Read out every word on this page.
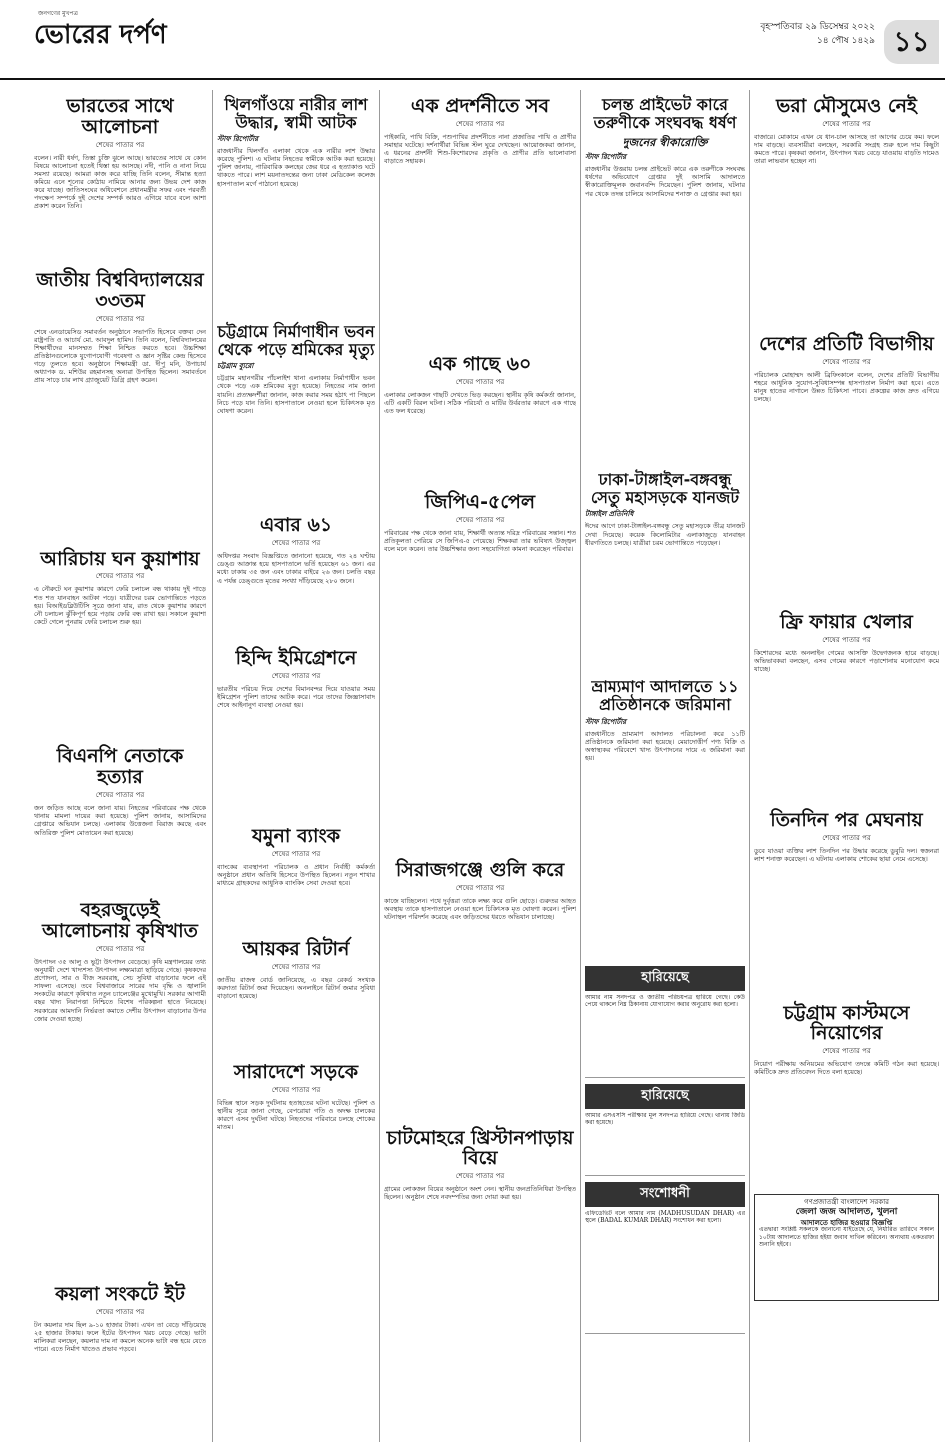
জনগণের মুখপত্র
ভোরের দর্পণ	বৃহস্পতিবার ২৯ ডিসেম্বর ২০২২
১৪ পৌষ ১৪২৯ ১১
ভারতের সাথে আলোচনা
শেষের পাতার পর
বলেন। নারী ধর্ষণ, তিস্তা চুক্তি ঝুলে আছে। ভারতের সাথে যে কোন বিষয়ে আলোচনা হতেই থিস্তা হয় আসছে। নদী, পানি ও নানা নিয়ে সমস্যা রয়েছে। আমরা কাজ করে যাচ্ছি তিনি বলেন, সীমান্ত হত্যা কমিয়ে এনে শূন্যের কোঠায় নামিয়ে আনার জন্য উভয় দেশ কাজ করে যাচ্ছে। জাতিসংঘের অধিবেশনে প্রধানমন্ত্রীর সফর এবং পরবর্তী পদক্ষেপ সম্পর্কে দুই দেশের সম্পর্ক আরও এগিয়ে যাবে বলে আশা প্রকাশ করেন তিনি।
জাতীয় বিশ্ববিদ্যালয়ের ৩৩তম
শেষের পাতার পর
শেষে এনডায়েসিড সমাবর্তন অনুষ্ঠানে সভাপতি হিসেবে বক্তব্য দেন রাষ্ট্রপতি ও আচার্য মো. আবদুল হামিদ। তিনি বলেন, বিশ্ববিদ্যালয়ের শিক্ষার্থীদের মানসম্মত শিক্ষা নিশ্চিত করতে হবে। উচ্চশিক্ষা প্রতিষ্ঠানগুলোকে যুগোপযোগী গবেষণা ও জ্ঞান সৃষ্টির কেন্দ্র হিসেবে গড়ে তুলতে হবে। অনুষ্ঠানে শিক্ষামন্ত্রী ডা. দীপু মনি, উপাচার্য অধ্যাপক ড. মশিউর রহমানসহ অন্যরা উপস্থিত ছিলেন। সমাবর্তনে প্রায় সাড়ে চার লাখ গ্র্যাজুয়েট ডিগ্রি গ্রহণ করেন।
আরিচায় ঘন কুয়াশায়
শেষের পাতার পর
এ নৌরুটে ঘন কুয়াশার কারণে ফেরি চলাচল বন্ধ থাকায় দুই পাড়ে শত শত যানবাহন আটকা পড়ে। যাত্রীদের চরম ভোগান্তিতে পড়তে হয়। বিআইডব্লিউটিসি সূত্রে জানা যায়, রাত থেকে কুয়াশার কারণে নৌ চলাচল ঝুঁকিপূর্ণ হয়ে পড়ায় ফেরি বন্ধ রাখা হয়। সকালে কুয়াশা কেটে গেলে পুনরায় ফেরি চলাচল শুরু হয়।
বিএনপি নেতাকে হত্যার
শেষের পাতার পর
জন জড়িত আছে বলে জানা যায়। নিহতের পরিবারের পক্ষ থেকে থানায় মামলা দায়ের করা হয়েছে। পুলিশ জানায়, আসামিদের গ্রেপ্তারে অভিযান চলছে। এলাকায় উত্তেজনা বিরাজ করছে এবং অতিরিক্ত পুলিশ মোতায়েন করা হয়েছে।
বহরজুড়েই আলোচনায় কৃষিখাত
শেষের পাতার পর
উৎপাদন ৩৫ আলু ও ভুট্টা উৎপাদন বেড়েছে। কৃষি মন্ত্রণালয়ের তথ্য অনুযায়ী দেশে খাদ্যশস্য উৎপাদন লক্ষ্যমাত্রা ছাড়িয়ে গেছে। কৃষকদের প্রণোদনা, সার ও বীজ সরবরাহ, সেচ সুবিধা বাড়ানোর ফলে এই সাফল্য এসেছে। তবে বিশ্ববাজারে সারের দাম বৃদ্ধি ও জ্বালানি সংকটের কারণে কৃষিখাত নতুন চ্যালেঞ্জের মুখোমুখি। সরকার আগামী বছর খাদ্য নিরাপত্তা নিশ্চিতে বিশেষ পরিকল্পনা হাতে নিয়েছে। সরকারের আমদানি নির্ভরতা কমাতে দেশীয় উৎপাদন বাড়ানোর উপর জোর দেওয়া হচ্ছে।
কয়লা সংকটে ইট
শেষের পাতার পর
টন কয়লার দাম ছিল ৯-১০ হাজার টাকা। এখন তা বেড়ে দাঁড়িয়েছে ২৫ হাজার টাকায়। ফলে ইটের উৎপাদন খরচ বেড়ে গেছে। ভাটা মালিকরা বলছেন, কয়লার দাম না কমলে অনেক ভাটা বন্ধ হয়ে যেতে পারে। এতে নির্মাণ খাতেও প্রভাব পড়বে।
খিলগাঁওয়ে নারীর লাশ উদ্ধার, স্বামী আটক
স্টাফ রিপোর্টার
রাজধানীর খিলগাঁও এলাকা থেকে এক নারীর লাশ উদ্ধার করেছে পুলিশ। এ ঘটনায় নিহতের স্বামীকে আটক করা হয়েছে। পুলিশ জানায়, পারিবারিক কলহের জের ধরে এ হত্যাকাণ্ড ঘটে থাকতে পারে। লাশ ময়নাতদন্তের জন্য ঢাকা মেডিকেল কলেজ হাসপাতাল মর্গে পাঠানো হয়েছে।
চট্টগ্রামে নির্মাণাধীন ভবন থেকে পড়ে শ্রমিকের মৃত্যু
চট্টগ্রাম ব্যুরো
চট্টগ্রাম মহানগরীর পাঁচলাইশ থানা এলাকায় নির্মাণাধীন ভবন থেকে পড়ে এক শ্রমিকের মৃত্যু হয়েছে। নিহতের নাম জানা যায়নি। প্রত্যক্ষদর্শীরা জানান, কাজ করার সময় হঠাৎ পা পিছলে নিচে পড়ে যান তিনি। হাসপাতালে নেওয়া হলে চিকিৎসক মৃত ঘোষণা করেন।
এবার ৬১
শেষের পাতার পর
অধিদপ্তর সংবাদ বিজ্ঞপ্তিতে জানানো হয়েছে, গত ২৪ ঘণ্টায় ডেঙ্গু আক্রান্ত হয়ে হাসপাতালে ভর্তি হয়েছেন ৬১ জন। এর মধ্যে ঢাকায় ৩৫ জন এবং ঢাকার বাইরে ২৬ জন। চলতি বছর এ পর্যন্ত ডেঙ্গুতে মৃতের সংখ্যা দাঁড়িয়েছে ২৮০ জনে।
হিন্দি ইমিগ্রেশনে
শেষের পাতার পর
ভারতীয় পরিচয় দিয়ে দেশের বিমানবন্দর দিয়ে যাওয়ার সময় ইমিগ্রেশন পুলিশ তাদের আটক করে। পরে তাদের জিজ্ঞাসাবাদ শেষে আইনানুগ ব্যবস্থা নেওয়া হয়।
যমুনা ব্যাংক
শেষের পাতার পর
ব্যাংকের ব্যবস্থাপনা পরিচালক ও প্রধান নির্বাহী কর্মকর্তা অনুষ্ঠানে প্রধান অতিথি হিসেবে উপস্থিত ছিলেন। নতুন শাখার মাধ্যমে গ্রাহকদের আধুনিক ব্যাংকিং সেবা দেওয়া হবে।
আয়কর রিটার্ন
শেষের পাতার পর
জাতীয় রাজস্ব বোর্ড জানিয়েছে, এ বছর রেকর্ড সংখ্যক করদাতা রিটার্ন জমা দিয়েছেন। অনলাইনে রিটার্ন জমার সুবিধা বাড়ানো হয়েছে।
সারাদেশে সড়কে
শেষের পাতার পর
বিভিন্ন স্থানে সড়ক দুর্ঘটনায় হতাহতের ঘটনা ঘটেছে। পুলিশ ও স্থানীয় সূত্রে জানা গেছে, বেপরোয়া গতি ও অদক্ষ চালকের কারণে এসব দুর্ঘটনা ঘটছে। নিহতদের পরিবারে চলছে শোকের মাতম।
এক প্রদর্শনীতে সব
শেষের পাতার পর
পাইকারি, পাখি বিক্রি, পশুপাখির প্রদর্শনীতে নানা প্রজাতির পাখি ও প্রাণীর সমাহার ঘটেছে। দর্শনার্থীরা বিভিন্ন স্টল ঘুরে দেখছেন। আয়োজকরা জানান, এ ধরনের প্রদর্শনী শিশু-কিশোরদের প্রকৃতি ও প্রাণীর প্রতি ভালোবাসা বাড়াতে সহায়ক।
এক গাছে ৬০
শেষের পাতার পর
এলাকার লোকজন গাছটি দেখতে ভিড় করছেন। স্থানীয় কৃষি কর্মকর্তা জানান, এটি একটি বিরল ঘটনা। সঠিক পরিচর্যা ও মাটির উর্বরতার কারণে এক গাছে এত ফল ধরেছে।
জিপিএ-৫পেল
শেষের পাতার পর
পরিবারের পক্ষ থেকে জানা যায়, শিক্ষার্থী অত্যন্ত দরিদ্র পরিবারের সন্তান। শত প্রতিকূলতা পেরিয়ে সে জিপিএ-৫ পেয়েছে। শিক্ষকরা তার ভবিষ্যৎ উজ্জ্বল বলে মনে করেন। তার উচ্চশিক্ষার জন্য সহযোগিতা কামনা করেছেন পরিবার।
সিরাজগঞ্জে গুলি করে
শেষের পাতার পর
কাজে যাচ্ছিলেন। পথে দুর্বৃত্তরা তাকে লক্ষ্য করে গুলি ছোড়ে। গুরুতর আহত অবস্থায় তাকে হাসপাতালে নেওয়া হলে চিকিৎসক মৃত ঘোষণা করেন। পুলিশ ঘটনাস্থল পরিদর্শন করেছে এবং জড়িতদের ধরতে অভিযান চালাচ্ছে।
চাটমোহরে খ্রিস্টানপাড়ায় বিয়ে
শেষের পাতার পর
গ্রামের লোকজন বিয়ের অনুষ্ঠানে অংশ নেন। স্থানীয় জনপ্রতিনিধিরা উপস্থিত ছিলেন। অনুষ্ঠান শেষে নবদম্পতির জন্য দোয়া করা হয়।
চলন্ত প্রাইভেট কারে তরুণীকে সংঘবদ্ধ ধর্ষণ
দুজনের স্বীকারোক্তি
স্টাফ রিপোর্টার
রাজধানীর উত্তরায় চলন্ত প্রাইভেট কারে এক তরুণীকে সংঘবদ্ধ ধর্ষণের অভিযোগে গ্রেপ্তার দুই আসামি আদালতে স্বীকারোক্তিমূলক জবানবন্দি দিয়েছেন। পুলিশ জানায়, ঘটনার পর থেকে তদন্ত চালিয়ে আসামিদের শনাক্ত ও গ্রেপ্তার করা হয়।
ঢাকা-টাঙ্গাইল-বঙ্গবন্ধু সেতু মহাসড়কে যানজট
টাঙ্গাইল প্রতিনিধি
ঈদের আগে ঢাকা-টাঙ্গাইল-বঙ্গবন্ধু সেতু মহাসড়কে তীব্র যানজট দেখা দিয়েছে। কয়েক কিলোমিটার এলাকাজুড়ে যানবাহন ধীরগতিতে চলছে। যাত্রীরা চরম ভোগান্তিতে পড়েছেন।
ভ্রাম্যমাণ আদালতে ১১ প্রতিষ্ঠানকে জরিমানা
স্টাফ রিপোর্টার
রাজধানীতে ভ্রাম্যমাণ আদালত পরিচালনা করে ১১টি প্রতিষ্ঠানকে জরিমানা করা হয়েছে। মেয়াদোত্তীর্ণ পণ্য বিক্রি ও অস্বাস্থ্যকর পরিবেশে খাদ্য উৎপাদনের দায়ে এ জরিমানা করা হয়।
হারিয়েছে
আমার নাম সনদপত্র ও জাতীয় পরিচয়পত্র হারিয়ে গেছে। কেউ পেয়ে থাকলে নিম্ন ঠিকানায় যোগাযোগ করার অনুরোধ করা হলো।
হারিয়েছে
আমার এসএসসি পরীক্ষার মূল সনদপত্র হারিয়ে গেছে। থানায় জিডি করা হয়েছে।
সংশোধনী
এফিডেভিট বলে আমার নাম (MADHUSUDAN DHAR) এর স্থলে (BADAL KUMAR DHAR) সংশোধন করা হলো।
ভরা মৌসুমেও নেই
শেষের পাতার পর
বাজারে। মোকামে এখন যে ধান-চাল আসছে তা আগের চেয়ে কম। ফলে দাম বাড়ছে। ব্যবসায়ীরা বলছেন, সরকারি সংগ্রহ শুরু হলে দাম কিছুটা কমতে পারে। কৃষকরা জানান, উৎপাদন খরচ বেড়ে যাওয়ায় বাড়তি দামেও তারা লাভবান হচ্ছেন না।
দেশের প্রতিটি বিভাগীয়
শেষের পাতার পর
পরিচালক মোহাম্মদ আলী ব্রিফিংকালে বলেন, দেশের প্রতিটি বিভাগীয় শহরে আধুনিক সুযোগ-সুবিধাসম্পন্ন হাসপাতাল নির্মাণ করা হবে। এতে মানুষ হাতের নাগালে উন্নত চিকিৎসা পাবে। প্রকল্পের কাজ দ্রুত এগিয়ে চলছে।
ফ্রি ফায়ার খেলার
শেষের পাতার পর
কিশোরদের মধ্যে অনলাইন গেমের আসক্তি উদ্বেগজনক হারে বাড়ছে। অভিভাবকরা বলছেন, এসব গেমের কারণে পড়াশোনায় মনোযোগ কমে যাচ্ছে।
তিনদিন পর মেঘনায়
শেষের পাতার পর
ডুবে যাওয়া ব্যক্তির লাশ তিনদিন পর উদ্ধার করেছে ডুবুরি দল। স্বজনরা লাশ শনাক্ত করেছেন। এ ঘটনায় এলাকায় শোকের ছায়া নেমে এসেছে।
চট্টগ্রাম কাস্টমসে নিয়োগের
শেষের পাতার পর
নিয়োগ পরীক্ষায় অনিয়মের অভিযোগ তদন্তে কমিটি গঠন করা হয়েছে। কমিটিকে দ্রুত প্রতিবেদন দিতে বলা হয়েছে।
গণপ্রজাতন্ত্রী বাংলাদেশ সরকার
জেলা জজ আদালত, খুলনা
আদালতে হাজির হওয়ার বিজ্ঞপ্তি
এতদ্বারা সংশ্লিষ্ট সকলকে জানানো যাইতেছে যে, নির্ধারিত তারিখে সকাল ১০টায় আদালতে হাজির হইয়া জবাব দাখিল করিবেন। অন্যথায় একতরফা শুনানি হইবে।
